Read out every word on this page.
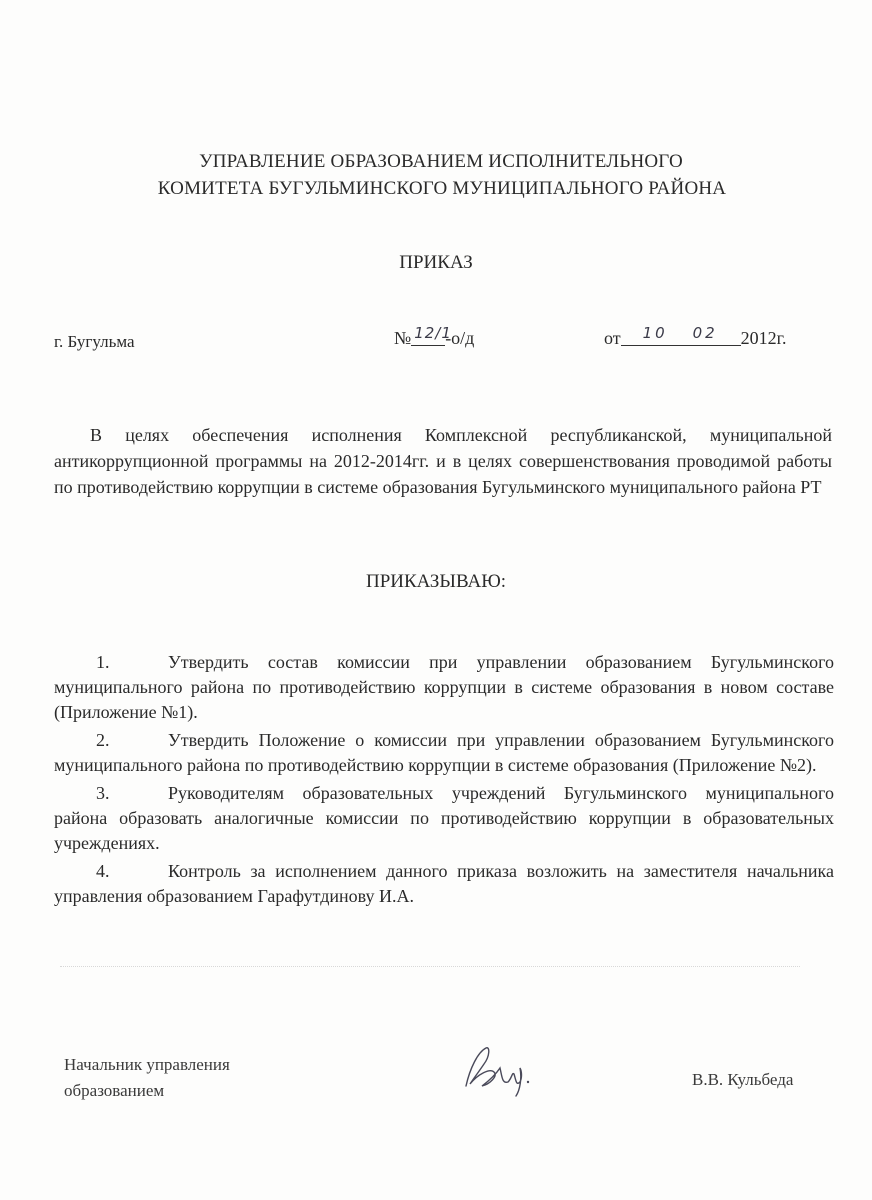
УПРАВЛЕНИЕ ОБРАЗОВАНИЕМ ИСПОЛНИТЕЛЬНОГО
КОМИТЕТА БУГУЛЬМИНСКОГО МУНИЦИПАЛЬНОГО РАЙОНА
ПРИКАЗ
г. Бугульма	№ 12/1
-о/д	от 10 02 2012г.

В целях обеспечения исполнения Комплексной республиканской, муниципальной антикоррупционной программы на 2012-2014гг. и в целях совершенствования проводимой работы по противодействию коррупции в системе образования Бугульминского муниципального района РТ

ПРИКАЗЫВАЮ:

1.	Утвердить состав комиссии при управлении образованием Бугульминского муниципального района по противодействию коррупции в системе образования в новом составе (Приложение №1).

2.	Утвердить Положение о комиссии при управлении образованием Бугульминского муниципального района по противодействию коррупции в системе образования (Приложение №2).

3.	Руководителям образовательных учреждений Бугульминского муниципального района образовать аналогичные комиссии по противодействию коррупции в образовательных учреждениях.

4.	Контроль за исполнением данного приказа возложить на заместителя начальника управления образованием Гарафутдинову И.А.

Начальник управления
образованием
В.В. Кульбеда
